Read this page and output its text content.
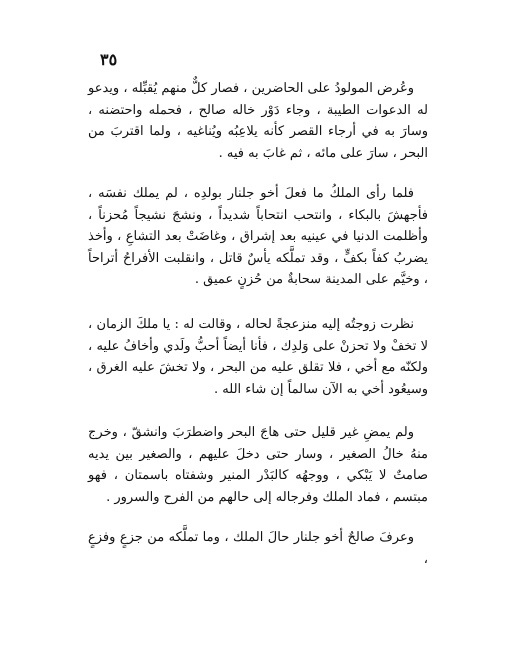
٣٥

وعُرض المولودُ على الحاضرين ، فصار كلٌّ منهم يُقبِّله ، ويدعو له الدعوات الطيبة ، وجاء دَوْر خاله صالح ، فحمله واحتضنه ، وسارَ به في أرجاء القصر كأنه يلاعِبُه ويُناغيه ، ولما اقتربَ من البحر ، سارَ على مائه ، ثم غابَ به فيه .

فلما رأى الملكُ ما فعلَ أخو جلنار بولدِه ، لم يملك نفسَه ، فأجهشَ بالبكاء ، وانتحب انتحاباً شديداً ، ونشجَ نشيجاً مُحزناً ، وأظلمت الدنيا في عينيه بعد إشراق ، وغاضَتْ بعد التشاعِ ، وأخذ يضربُ كفاً بكفٍّ ، وقد تملَّكه يأسٌ قاتل ، وانقلبت الأفراحُ أتراحاً ، وخيَّم على المدينة سحابةٌ من حُزنٍ عميق .

نظرت زوجتُه إليه منزعجةً لحاله ، وقالت له : يا ملكَ الزمان ، لا تخفْ ولا تحزنْ على وَلدِك ، فأنا أيضاً أحبُّ ولَدي وأخافُ عليه ، ولكنّه مع أخي ، فلا تقلق عليه من البحر ، ولا تخشَ عليه الغرق ، وسيعُود أخي به الآن سالماً إن شاء الله .

ولم يمضِ غير قليل حتى هاجَ البحر واضطرَبَ وانشقّ ، وخرج منهُ خالُ الصغير ، وسار حتى دخلَ عليهم ، والصغير بين يديه صامتٌ لا يَبْكي ، ووجهُه كالبَدْر المنير وشفتاه باسمتان ، فهو مبتسم ، فماد الملك وفرجاله إلى حالهم من الفرح والسرور .

وعرفَ صالحٌ أخو جلنار حالَ الملك ، وما تملَّكه من جزعٍ وفزعٍ ،
